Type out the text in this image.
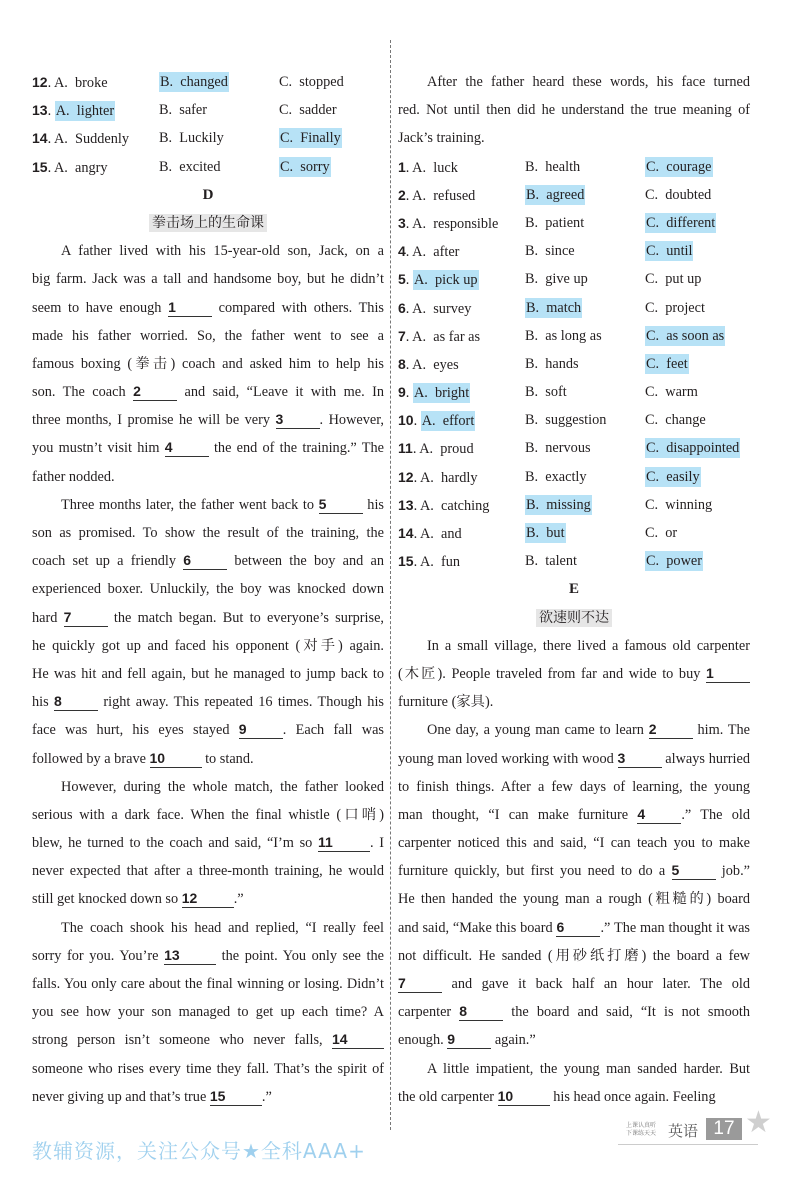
12. A.  broke	B.  changed	C.  stopped
13. A.  lighter	B.  safer	C.  sadder
14. A.  Suddenly B.  Luckily	C.  Finally
15. A.  angry	B.  excited	C.  sorry
D
拳击场上的生命课
A father lived with his 15-year-old son, Jack, on a
big farm. Jack was a tall and handsome boy, but he didn’t
seem to have enough 1	compared with others. This
made his father worried. So, the father went to see a
famous boxing (拳击) coach and asked him to help his
son. The coach 2	and said, “Leave it with me. In
three months, I promise he will be very 3	. However,
you mustn’t visit him 4	the end of the training.” The
father nodded.
Three months later, the father went back to 5	his
son as promised. To show the result of the training, the
coach set up a friendly 6	between the boy and an
experienced boxer. Unluckily, the boy was knocked down
hard 7	the match began. But to everyone’s surprise,
he quickly got up and faced his opponent (对手) again.
He was hit and fell again, but he managed to jump back to
his 8	right away. This repeated 16 times. Though his
face was hurt, his eyes stayed 9	. Each fall was
followed by a brave 10	to stand.
However, during the whole match, the father looked
serious with a dark face. When the final whistle (口哨)
blew, he turned to the coach and said, “I’m so 11	. I
never expected that after a three-month training, he would
still get knocked down so 12	.”
The coach shook his head and replied, “I really feel
sorry for you. You’re 13	the point. You only see the
falls. You only care about the final winning or losing. Didn’t
you see how your son managed to get up each time? A
strong person isn’t someone who never falls, 14
someone who rises every time they fall. That’s the spirit of
never giving up and that’s true 15	.”
After the father heard these words, his face turned
red. Not until then did he understand the true meaning of
Jack’s training.
1. A.  luck	B.  health	C.  courage
2. A.  refused	B.  agreed	C.  doubted
3. A.  responsible B.  patient	C.  different
4. A.  after	B.  since	C.  until
5. A.  pick up	B.  give up	C.  put up
6. A.  survey	B.  match	C.  project
7. A.  as far as	B.  as long as	C.  as soon as
8. A.  eyes	B.  hands	C.  feet
9. A.  bright	B.  soft	C.  warm
10. A.  effort	B.  suggestion	C.  change
11. A.  proud	B.  nervous	C.  disappointed
12. A.  hardly	B.  exactly	C.  easily
13. A.  catching	B.  missing	C.  winning
14. A.  and	B.  but	C.  or
15. A.  fun	B.  talent	C.  power
E
欲速则不达
In a small village, there lived a famous old carpenter
(木匠). People traveled from far and wide to buy 1
furniture (家具).
One day, a young man came to learn 2	him. The
young man loved working with wood 3	always hurried
to finish things. After a few days of learning, the young
man thought, “I can make furniture 4	.” The old
carpenter noticed this and said, “I can teach you to make
furniture quickly, but first you need to do a 5	job.”
He then handed the young man a rough (粗糙的) board
and said, “Make this board 6	.” The man thought it was
not difficult. He sanded (用砂纸打磨) the board a few
7	and gave it back half an hour later. The old
carpenter 8	the board and said, “It is not smooth
enough. 9	again.”
A little impatient, the young man sanded harder. But
the old carpenter 10	his head once again. Feeling
教辅资源，关注公众号★全科AAA+
上课认真听
下课练天天 英语 17 ★
